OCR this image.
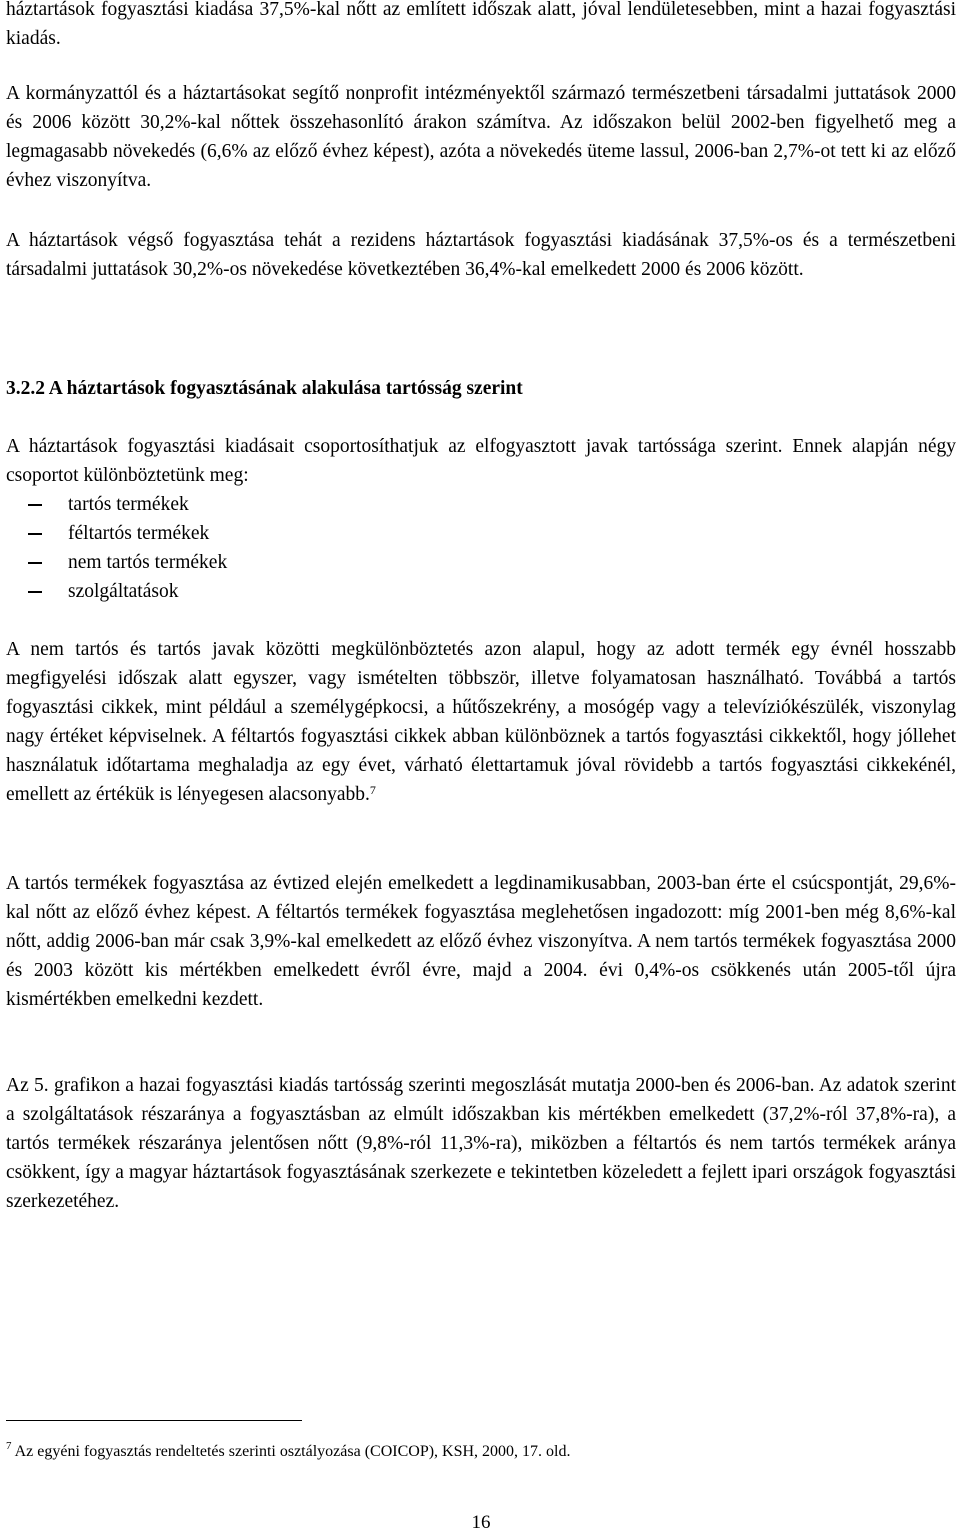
háztartások fogyasztási kiadása 37,5%-kal nőtt az említett időszak alatt, jóval lendületesebben, mint a hazai fogyasztási kiadás.

A kormányzattól és a háztartásokat segítő nonprofit intézményektől származó természetbeni társadalmi juttatások 2000 és 2006 között 30,2%-kal nőttek összehasonlító árakon számítva. Az időszakon belül 2002-ben figyelhető meg a legmagasabb növekedés (6,6% az előző évhez képest), azóta a növekedés üteme lassul, 2006-ban 2,7%-ot tett ki az előző évhez viszonyítva.

A háztartások végső fogyasztása tehát a rezidens háztartások fogyasztási kiadásának 37,5%-os és a természetbeni társadalmi juttatások 30,2%-os növekedése következtében 36,4%-kal emelkedett 2000 és 2006 között.

3.2.2 A háztartások fogyasztásának alakulása tartósság szerint

A háztartások fogyasztási kiadásait csoportosíthatjuk az elfogyasztott javak tartóssága szerint. Ennek alapján négy csoportot különböztetünk meg:

tartós termékek
féltartós termékek
nem tartós termékek
szolgáltatások

A nem tartós és tartós javak közötti megkülönböztetés azon alapul, hogy az adott termék egy évnél hosszabb megfigyelési időszak alatt egyszer, vagy ismételten többször, illetve folyamatosan használható. Továbbá a tartós fogyasztási cikkek, mint például a személygépkocsi, a hűtőszekrény, a mosógép vagy a televíziókészülék, viszonylag nagy értéket képviselnek. A féltartós fogyasztási cikkek abban különböznek a tartós fogyasztási cikkektől, hogy jóllehet használatuk időtartama meghaladja az egy évet, várható élettartamuk jóval rövidebb a tartós fogyasztási cikkekénél, emellett az értékük is lényegesen alacsonyabb.$^7$

A tartós termékek fogyasztása az évtized elején emelkedett a legdinamikusabban, 2003-ban érte el csúcspontját, 29,6%-kal nőtt az előző évhez képest. A féltartós termékek fogyasztása meglehetősen ingadozott: míg 2001-ben még 8,6%-kal nőtt, addig 2006-ban már csak 3,9%-kal emelkedett az előző évhez viszonyítva. A nem tartós termékek fogyasztása 2000 és 2003 között kis mértékben emelkedett évről évre, majd a 2004. évi 0,4%-os csökkenés után 2005-től újra kismértékben emelkedni kezdett.

Az 5. grafikon a hazai fogyasztási kiadás tartósság szerinti megoszlását mutatja 2000-ben és 2006-ban. Az adatok szerint a szolgáltatások részaránya a fogyasztásban az elmúlt időszakban kis mértékben emelkedett (37,2%-ról 37,8%-ra), a tartós termékek részaránya jelentősen nőtt (9,8%-ról 11,3%-ra), miközben a féltartós és nem tartós termékek aránya csökkent, így a magyar háztartások fogyasztásának szerkezete e tekintetben közeledett a fejlett ipari országok fogyasztási szerkezetéhez.

$^7$ Az egyéni fogyasztás rendeltetés szerinti osztályozása (COICOP), KSH, 2000, 17. old.
16
